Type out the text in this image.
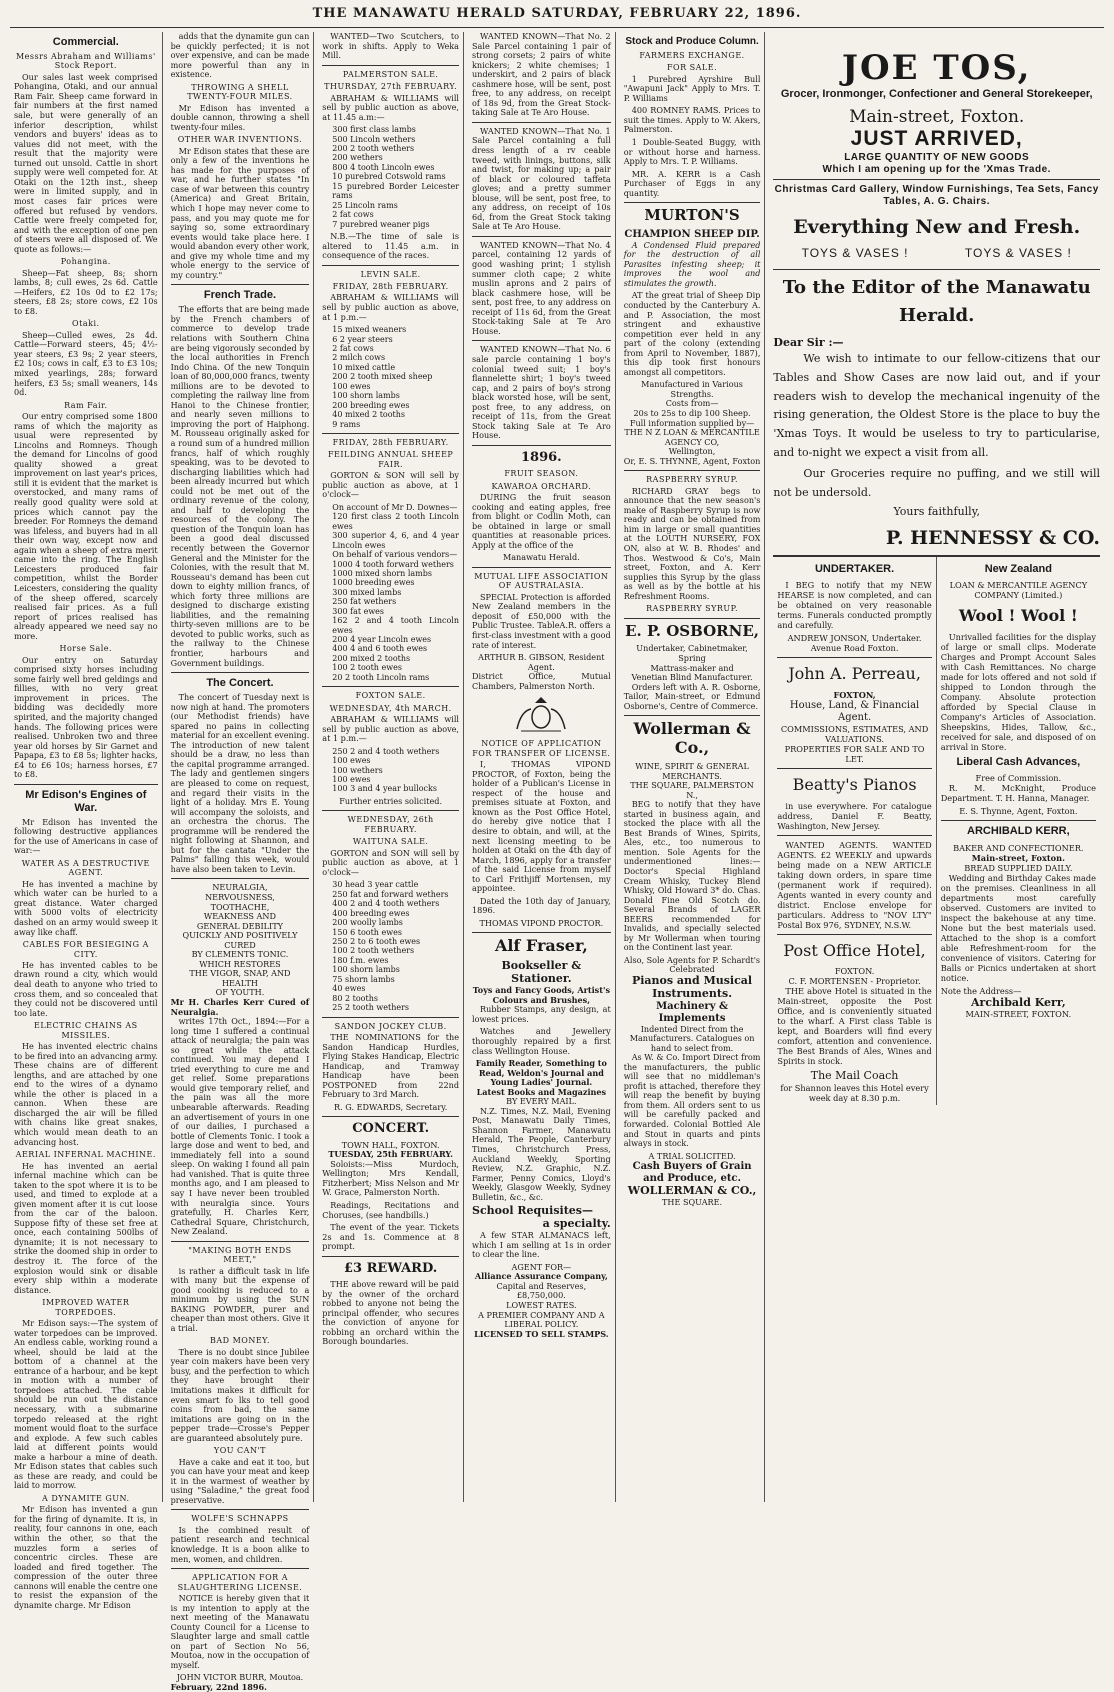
THE MANAWATU HERALD SATURDAY, FEBRUARY 22, 1896.
Commercial.
Messrs Abraham and Williams' Stock Report.

Our sales last week comprised Pohangina, Otaki, and our annual Ram Fair. Sheep came forward in fair numbers at the first named sale, but were generally of an inferior description, whilst vendors and buyers' ideas as to values did not meet, with the result that the majority were turned out unsold. Cattle in short supply were well competed for. At Otaki on the 12th inst., sheep were in limited supply, and in most cases fair prices were offered but refused by vendors. Cattle were freely competed for, and with the exception of one pen of steers were all disposed of. We quote as follows:—

Pohangina.

Sheep—Fat sheep, 8s; shorn lambs, 8; cull ewes, 2s 6d. Cattle—Heifers, £2 10s 0d to £2 17s; steers, £8 2s; store cows, £2 10s to £8.

Otaki.

Sheep—Culled ewes, 2s 4d. Cattle—Forward steers, 45; 4½-year steers, £3 9s; 2 year steers, £2 10s; cows in calf, £3 to £3 10s; mixed yearlings, 28s; forward heifers, £3 5s; small weaners, 14s 0d.

Ram Fair.

Our entry comprised some 1800 rams of which the majority as usual were represented by Lincolns and Romneys. Though the demand for Lincolns of good quality showed a great improvement on last year's prices, still it is evident that the market is overstocked, and many rams of really good quality were sold at prices which cannot pay the breeder. For Romneys the demand was lifeless, and buyers had in all their own way, except now and again when a sheep of extra merit came into the ring. The English Leicesters produced fair competition, whilst the Border Leicesters, considering the quality of the sheep offered, scarcely realised fair prices. As a full report of prices realised has already appeared we need say no more.

Horse Sale.

Our entry on Saturday comprised sixty horses including some fairly well bred geldings and fillies, with no very great improvement in prices. The bidding was decidedly more spirited, and the majority changed hands. The following prices were realised. Unbroken two and three year old horses by Sir Garnet and Papapa, £3 to £8 5s; lighter hacks, £4 to £6 10s; harness horses, £7 to £8.

Mr Edison's Engines of War.

Mr Edison has invented the following destructive appliances for the use of Americans in case of war:—

WATER AS A DESTRUCTIVE AGENT.

He has invented a machine by which water can be hurled to a great distance. Water charged with 5000 volts of electricity dashed on an army would sweep it away like chaff.

CABLES FOR BESIEGING A CITY.

He has invented cables to be drawn round a city, which would deal death to anyone who tried to cross them, and so concealed that they could not be discovered until too late.

ELECTRIC CHAINS AS MISSILES.

He has invented electric chains to be fired into an advancing army. These chains are of different lengths, and are attached by one end to the wires of a dynamo while the other is placed in a cannon. When these are discharged the air will be filled with chains like great snakes, which would mean death to an advancing host.

AERIAL INFERNAL MACHINE.

He has invented an aerial infernal machine which can be taken to the spot where it is to be used, and timed to explode at a given moment after it is cut loose from the car of the baloon. Suppose fifty of these set free at once, each containing 500lbs of dynamite; it is not necessary to strike the doomed ship in order to destroy it. The force of the explosion would sink or disable every ship within a moderate distance.

IMPROVED WATER TORPEDOES.

Mr Edison says:—The system of water torpedoes can be improved. An endless cable, working round a wheel, should be laid at the bottom of a channel at the entrance of a harbour, and be kept in motion with a number of torpedoes attached. The cable should be run out the distance necessary, with a submarine torpedo released at the right moment would float to the surface and explode. A few such cables laid at different points would make a harbour a mine of death. Mr Edison states that cables such as these are ready, and could be laid to morrow.

A DYNAMITE GUN.

Mr Edison has invented a gun for the firing of dynamite. It is, in reality, four cannons in one, each within the other, so that the muzzles form a series of concentric circles. These are loaded and fired together. The compression of the outer three cannons will enable the centre one to resist the expansion of the dynamite charge. Mr Edison

adds that the dynamite gun can be quickly perfected; it is not over expensive, and can be made more powerful than any in existence.

THROWING A SHELL TWENTY-FOUR MILES.

Mr Edison has invented a double cannon, throwing a shell twenty-four miles.

OTHER WAR INVENTIONS.

Mr Edison states that these are only a few of the inventions he has made for the purposes of war, and he further states "In case of war between this country (America) and Great Britain, which I hope may never come to pass, and you may quote me for saying so, some extraordinary events would take place here. I would abandon every other work, and give my whole time and my whole energy to the service of my country."

French Trade.

The efforts that are being made by the French chambers of commerce to develop trade relations with Southern China are being vigorously seconded by the local authorities in French Indo China. Of the new Tonquin loan of 80,000,000 francs, twenty millions are to be devoted to completing the railway line from Hanoi to the Chinese frontier, and nearly seven millions to improving the port of Haiphong. M. Rousseau originally asked for a round sum of a hundred million francs, half of which roughly speaking, was to be devoted to discharging liabilities which had been already incurred but which could not be met out of the ordinary revenue of the colony, and half to developing the resources of the colony. The question of the Tonquin loan has been a good deal discussed recently between the Governor General and the Minister for the Colonies, with the result that M. Rousseau's demand has been cut down to eighty million francs, of which forty three millions are designed to discharge existing liabilities, and the remaining thirty-seven millions are to be devoted to public works, such as the railway to the Chinese frontier, harbours and Government buildings.

The Concert.

The concert of Tuesday next is now nigh at hand. The promoters (our Methodist friends) have spared no pains in collecting material for an excellent evening. The introduction of new talent should be a draw, no less than the capital programme arranged. The lady and gentlemen singers are pleased to come on request, and regard their visits in the light of a holiday. Mrs E. Young will accompany the soloists, and an orchestra the chorus. The programme will be rendered the night following at Shannon, and but for the cantata "Under the Palms" falling this week, would have also been taken to Levin.

NEURALGIA,
NERVOUSNESS,
TOOTHACHE,
WEAKNESS AND
GENERAL DEBILITY
QUICKLY AND POSITIVELY CURED
BY CLEMENTS TONIC.
WHICH RESTORES
THE VIGOR, SNAP, AND HEALTH
OF YOUTH.
Mr H. Charles Kerr Cured of Neuralgia.

writes 17th Oct., 1894:—For a long time I suffered a continual attack of neuralgia; the pain was so great while the attack continued. You may depend I tried everything to cure me and get relief. Some preparations would give temporary relief, and the pain was all the more unbearable afterwards. Reading an advertisement of yours in one of our dailies, I purchased a bottle of Clements Tonic. I took a large dose and went to bed, and immediately fell into a sound sleep. On waking I found all pain had vanished. That is quite three months ago, and I am pleased to say I have never been troubled with neuralgia since. Yours gratefully, H. Charles Kerr, Cathedral Square, Christchurch, New Zealand.

"MAKING BOTH ENDS MEET,"

is rather a difficult task in life with many but the expense of good cooking is reduced to a minimum by using the SUN BAKING POWDER, purer and cheaper than most others. Give it a trial.

BAD MONEY.

There is no doubt since Jubilee year coin makers have been very busy, and the perfection to which they have brought their imitations makes it difficult for even smart fo lks to tell good coins from bad, the same imitations are going on in the pepper trade—Crosse's Pepper are guaranteed absolutely pure.

YOU CAN'T

Have a cake and eat it too, but you can have your meat and keep it in the warmest of weather by using "Saladine," the great food preservative.

WOLFE'S SCHNAPPS

Is the combined result of patient research and technical knowledge. It is a boon alike to men, women, and children.

APPLICATION FOR A SLAUGHTERING LICENSE.

NOTICE is hereby given that it is my intention to apply at the next meeting of the Manawatu County Council for a License to Slaughter large and small cattle on part of Section No 56, Moutoa, now in the occupation of myself.

JOHN VICTOR BURR, Moutoa.
February, 22nd 1896.

WANTED—Two Scutchers, to work in shifts. Apply to Weka Mill.

PALMERSTON SALE.
THURSDAY, 27th FEBRUARY.

ABRAHAM & WILLIAMS will sell by public auction as above, at 11.45 a.m:—

300 first class lambs
500 Lincoln wethers
200 2 tooth wethers
200 wethers
800 4 tooth Lincoln ewes
10 purebred Cotswold rams
15 purebred Border Leicester rams
25 Lincoln rams
2 fat cows
7 purebred weaner pigs

N.B.—The time of sale is altered to 11.45 a.m. in consequence of the races.

LEVIN SALE.
FRIDAY, 28th FEBRUARY.

ABRAHAM & WILLIAMS will sell by public auction as above, at 1 p.m.—

15 mixed weaners
6 2 year steers
2 fat cows
2 milch cows
10 mixed cattle
200 2 tooth mixed sheep
100 ewes
100 shorn lambs
200 breeding ewes
40 mixed 2 tooths
9 rams
FRIDAY, 28th FEBRUARY.
FEILDING ANNUAL SHEEP FAIR.

GORTON & SON will sell by public auction as above, at 1 o'clock—

On account of Mr D. Downes—
120 first class 2 tooth Lincoln ewes
300 superior 4, 6, and 4 year Lincoln ewes
On behalf of various vendors—
1000 4 tooth forward wethers
1000 mixed shorn lambs
1000 breeding ewes
300 mixed lambs
250 fat wethers
300 fat ewes
162 2 and 4 tooth Lincoln ewes
200 4 year Lincoln ewes
400 4 and 6 tooth ewes
200 mixed 2 tooths
100 2 tooth ewes
20 2 tooth Lincoln rams
FOXTON SALE.
WEDNESDAY, 4th MARCH.

ABRAHAM & WILLIAMS will sell by public auction as above, at 1 p.m.—

250 2 and 4 tooth wethers
100 ewes
100 wethers
100 ewes
100 3 and 4 year bullocks
Further entries solicited.
WEDNESDAY, 26th FEBRUARY.
WAITUNA SALE.

GORTON and SON will sell by public auction as above, at 1 o'clock—

30 head 3 year cattle
250 fat and forward wethers
400 2 and 4 tooth wethers
400 breeding ewes
200 woolly lambs
150 6 tooth ewes
250 2 to 6 tooth ewes
100 2 tooth wethers
180 f.m. ewes
100 shorn lambs
75 shorn lambs
40 ewes
80 2 tooths
25 2 tooth wethers
SANDON JOCKEY CLUB.

THE NOMINATIONS for the Sandon Handicap Hurdles, Flying Stakes Handicap, Electric Handicap, and Tramway Handicap have been POSTPONED from 22nd February to 3rd March.

R. G. EDWARDS, Secretary.
CONCERT.
TOWN HALL, FOXTON.
TUESDAY, 25th FEBRUARY.

Soloists:—Miss Murdoch, Wellington; Mrs Kendall, Fitzherbert; Miss Nelson and Mr W. Grace, Palmerston North.

Readings, Recitations and Choruses, (see handbills.)

The event of the year. Tickets 2s and 1s. Commence at 8 prompt.

£3 REWARD.

THE above reward will be paid by the owner of the orchard robbed to anyone not being the principal offender, who secures the conviction of anyone for robbing an orchard within the Borough boundaries.

WANTED KNOWN—That No. 2 Sale Parcel containing 1 pair of strong corsets; 2 pairs of white knickers; 2 white chemises; 1 underskirt, and 2 pairs of black cashmere hose, will be sent, post free, to any address, on receipt of 18s 9d, from the Great Stock-taking Sale at Te Aro House.

WANTED KNOWN—That No. 1 Sale Parcel containing a full dress length of a rv ceable tweed, with linings, buttons, silk and twist, for making up; a pair of black or coloured taffeta gloves; and a pretty summer blouse, will be sent, post free, to any address, on receipt of 10s 6d, from the Great Stock taking Sale at Te Aro House.

WANTED KNOWN—That No. 4 parcel, containing 12 yards of good washing print; 1 stylish summer cloth cape; 2 white muslin aprons and 2 pairs of black cashmere hose, will be sent, post free, to any address on receipt of 11s 6d, from the Great Stock-taking Sale at Te Aro House.

WANTED KNOWN—That No. 6 sale parcle containing 1 boy's colonial tweed suit; 1 boy's flannelette shirt; 1 boy's tweed cap, and 2 pairs of boy's strong black worsted hose, will be sent, post free, to any address, on receipt of 11s, from the Great Stock taking Sale at Te Aro House.

1896.
FRUIT SEASON.
KAWAROA ORCHARD.

DURING the fruit season cooking and eating apples, free from blight or Codlin Moth, can be obtained in large or small quantities at reasonable prices. Apply at the office of the

Manawatu Herald.
MUTUAL LIFE ASSOCIATION OF AUSTRALASIA.

SPECIAL Protection is afforded New Zealand members in the deposit of £50,000 with the Public Trustee. TableA.R. offers a first-class investment with a good rate of interest.

ARTHUR B. GIBSON, Resident Agent.
District Office, Mutual Chambers, Palmerston North.
NOTICE OF APPLICATION FOR TRANSFER OF LICENSE.

I, THOMAS VIPOND PROCTOR, of Foxton, being the holder of a Publican's License in respect of the house and premises situate at Foxton, and known as the Post Office Hotel, do hereby give notice that I desire to obtain, and will, at the next licensing meeting to be holden at Otaki on the 4th day of March, 1896, apply for a transfer of the said License from myself to Carl Frithjiff Mortensen, my appointee.

Dated the 10th day of January, 1896.

THOMAS VIPOND PROCTOR.
Alf Fraser,
Bookseller & Stationer.
Toys and Fancy Goods, Artist's Colours and Brushes,

Rubber Stamps, any design, at lowest prices.

Watches and Jewellery thoroughly repaired by a first class Wellington House.

Family Reader, Something to Read, Weldon's Journal and Young Ladies' Journal.
Latest Books and Magazines
BY EVERY MAIL.

N.Z. Times, N.Z. Mail, Evening Post, Manawatu Daily Times, Shannon Farmer, Manawatu Herald, The People, Canterbury Times, Christchurch Press, Auckland Weekly, Sporting Review, N.Z. Graphic, N.Z. Farmer, Penny Comics, Lloyd's Weekly, Glasgow Weekly, Sydney Bulletin, &c., &c.

School Requisites—
a specialty.

A few STAR ALMANACS left, which I am selling at 1s in order to clear the line.

AGENT FOR—
Alliance Assurance Company,
Capital and Reserves, £8,750,000.
LOWEST RATES.
A PREMIER COMPANY AND A LIBERAL POLICY.
LICENSED TO SELL STAMPS.
Stock and Produce Column.
FARMERS EXCHANGE.
FOR SALE.

1 Purebred Ayrshire Bull "Awapuni Jack" Apply to Mrs. T. P. Williams

400 ROMNEY RAMS. Prices to suit the times. Apply to W. Akers, Palmerston.

1 Double-Seated Buggy, with or without horse and harness. Apply to Mrs. T. P. Williams.

MR. A. KERR is a Cash Purchaser of Eggs in any quantity.

MURTON'S
CHAMPION SHEEP DIP.

A Condensed Fluid prepared for the destruction of all Parasites infesting sheep; it improves the wool and stimulates the growth.

AT the great trial of Sheep Dip conducted by the Canterbury A. and P. Association, the most stringent and exhaustive competition ever held in any part of the colony (extending from April to November, 1887), this dip took first honours amongst all competitors.

Manufactured in Various Strengths.
Costs from—
20s to 25s to dip 100 Sheep.
Full information supplied by—
THE N Z LOAN & MERCANTILE AGENCY CO,
Wellington,
Or, E. S. THYNNE, Agent, Foxton
RASPBERRY SYRUP.

RICHARD GRAY begs to announce that the new season's make of Raspberry Syrup is now ready and can be obtained from him in large or small quantities at the LOUTH NURSERY, FOX ON, also at W. B. Rhodes' and Thos. Westwood & Co's, Main street, Foxton, and A. Kerr supplies this Syrup by the glass as well as by the bottle at his Refreshment Rooms.

RASPBERRY SYRUP.
E. P. OSBORNE,
Undertaker, Cabinetmaker, Spring
Mattrass-maker and
Venetian Blind Manufacturer.

Orders left with A. R. Osborne, Tailor, Main-street, or Edmund Osborne's, Centre of Commerce.

Wollerman & Co.,
WINE, SPIRIT & GENERAL MERCHANTS.
THE SQUARE, PALMERSTON N.,

BEG to notify that they have started in business again, and stocked the place with all the Best Brands of Wines, Spirits, Ales, etc., too numerous to mention. Sole Agents for the undermentioned lines:— Doctor's Special Highland Cream Whisky, Tuckey Blend Whisky, Old Howard 3* do. Chas. Donald Fine Old Scotch do. Several Brands of LAGER BEERS recommended for Invalids, and specially selected by Mr Wollerman when touring on the Continent last year.

Also, Sole Agents for P. Schardt's Celebrated
Pianos and Musical Instruments.
Machinery & Implements
Indented Direct from the Manufacturers. Catalogues on hand to select from.

As W. & Co. Import Direct from the manufacturers, the public will see that no middleman's profit is attached, therefore they will reap the benefit by buying from them. All orders sent to us will be carefully packed and forwarded. Colonial Bottled Ale and Stout in quarts and pints always in stock.

A TRIAL SOLICITED.
Cash Buyers of Grain and Produce, etc.
WOLLERMAN & CO.,
THE SQUARE.
JOE TOS,
Grocer, Ironmonger, Confectioner and General Storekeeper,
Main-street, Foxton.
JUST ARRIVED,
LARGE QUANTITY OF NEW GOODS
Which I am opening up for the 'Xmas Trade.
Christmas Card Gallery, Window Furnishings, Tea Sets, Fancy Tables, A. G. Chairs.
Everything New and Fresh.
TOYS & VASES !	TOYS & VASES !
To the Editor of the Manawatu Herald.
Dear Sir :—

We wish to intimate to our fellow-citizens that our Tables and Show Cases are now laid out, and if your readers wish to develop the mechanical ingenuity of the rising generation, the Oldest Store is the place to buy the 'Xmas Toys. It would be useless to try to particularise, and to-night we expect a visit from all.

Our Groceries require no puffing, and we still will not be undersold.

Yours faithfully,
P. HENNESSY & CO.
UNDERTAKER.

I BEG to notify that my NEW HEARSE is now completed, and can be obtained on very reasonable terms. Funerals conducted promptly and carefully.

ANDREW JONSON, Undertaker. Avenue Road Foxton.
John A. Perreau,
FOXTON,
House, Land, & Financial Agent.
COMMISSIONS, ESTIMATES, AND VALUATIONS.
PROPERTIES FOR SALE AND TO LET.
Beatty's Pianos

in use everywhere. For catalogue address, Daniel F. Beatty, Washington, New Jersey.

WANTED AGENTS. WANTED AGENTS. £2 WEEKLY and upwards being made on a NEW ARTICLE taking down orders, in spare time (permanent work if required). Agents wanted in every county and district. Enclose envelope for particulars. Address to "NOV LTY" Postal Box 976, SYDNEY, N.S.W.

Post Office Hotel,
FOXTON.
C. F. MORTENSEN - Proprietor.

THE above Hotel is situated in the Main-street, opposite the Post Office, and is conveniently situated to the wharf. A First class Table is kept, and Boarders will find every comfort, attention and convenience. The Best Brands of Ales, Wines and Spirits in stock.

The Mail Coach
for Shannon leaves this Hotel every week day at 8.30 p.m.
New Zealand
LOAN & MERCANTILE AGENCY COMPANY (Limited.)
Wool ! Wool !

Unrivalled facilities for the display of large or small clips. Moderate Charges and Prompt Account Sales with Cash Remittances. No charge made for lots offered and not sold if shipped to London through the Company. Absolute protection afforded by Special Clause in Company's Articles of Association. Sheepskins, Hides, Tallow, &c., received for sale, and disposed of on arrival in Store.

Liberal Cash Advances,
Free of Commission.

R. M. McKnight, Produce Department. T. H. Hanna, Manager.

E. S. Thynne, Agent, Foxton.
ARCHIBALD KERR,
BAKER AND CONFECTIONER.
Main-street, Foxton.
BREAD SUPPLIED DAILY.

Wedding and Birthday Cakes made on the premises. Cleanliness in all departments most carefully observed. Customers are invited to inspect the bakehouse at any time. None but the best materials used. Attached to the shop is a comfort able Refreshment-room for the convenience of visitors. Catering for Balls or Picnics undertaken at short notice.

Note the Address—
Archibald Kerr,
MAIN-STREET, FOXTON.
